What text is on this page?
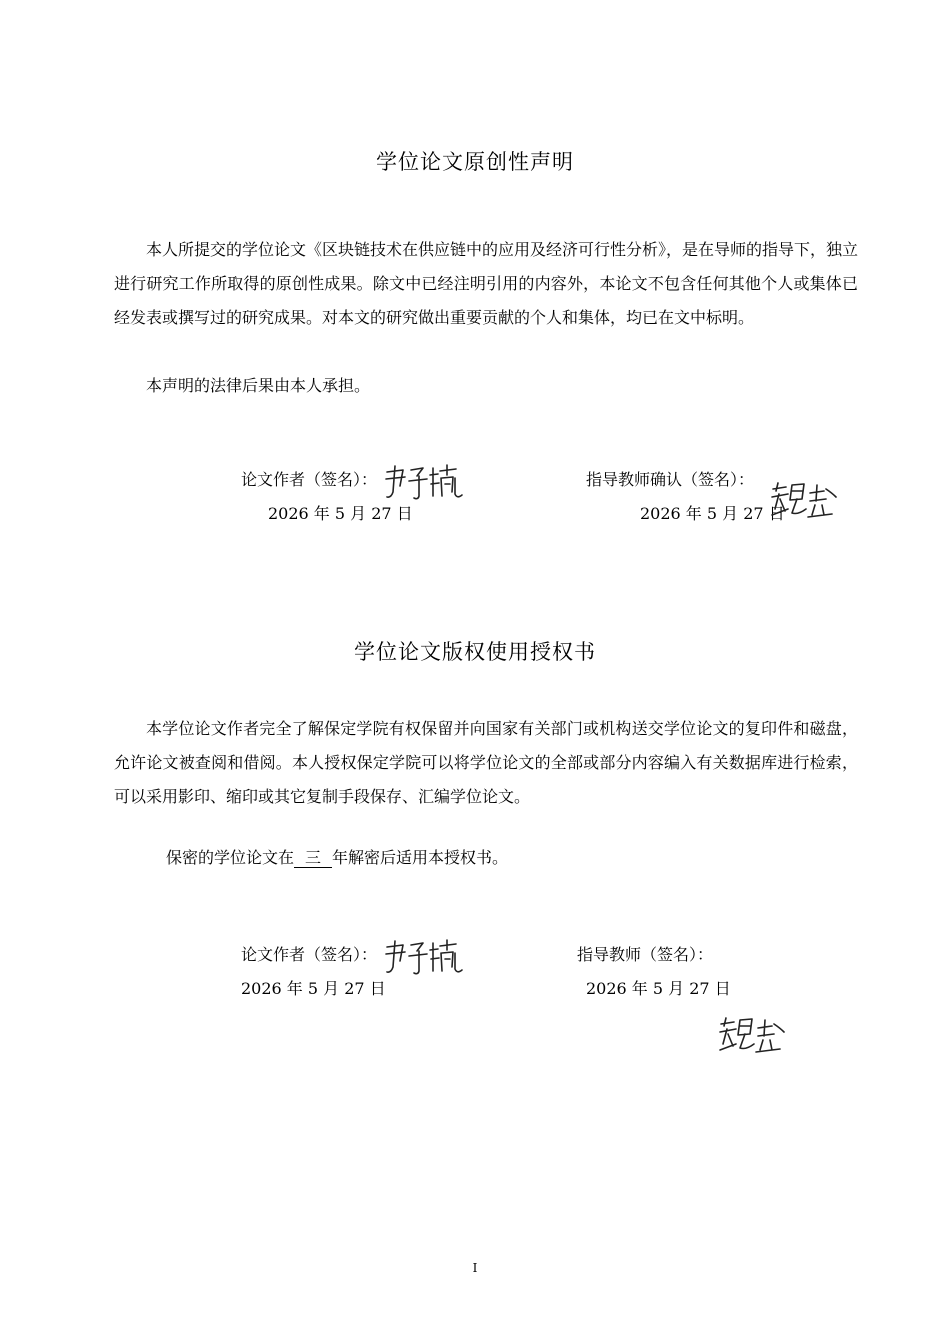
学位论文原创性声明

本人所提交的学位论文《区块链技术在供应链中的应用及经济可行性分析》，是在导师的指导下，独立进行研究工作所取得的原创性成果。除文中已经注明引用的内容外，本论文不包含任何其他个人或集体已经发表或撰写过的研究成果。对本文的研究做出重要贡献的个人和集体，均已在文中标明。

本声明的法律后果由本人承担。

论文作者（签名）：
2026 年 5 月 27 日
指导教师确认（签名）：
2026 年 5 月 27 日
学位论文版权使用授权书

本学位论文作者完全了解保定学院有权保留并向国家有关部门或机构送交学位论文的复印件和磁盘，允许论文被查阅和借阅。本人授权保定学院可以将学位论文的全部或部分内容编入有关数据库进行检索，可以采用影印、缩印或其它复制手段保存、汇编学位论文。

保密的学位论文在 三 年解密后适用本授权书。
论文作者（签名）：
2026 年 5 月 27 日
指导教师（签名）：
2026 年 5 月 27 日
I
